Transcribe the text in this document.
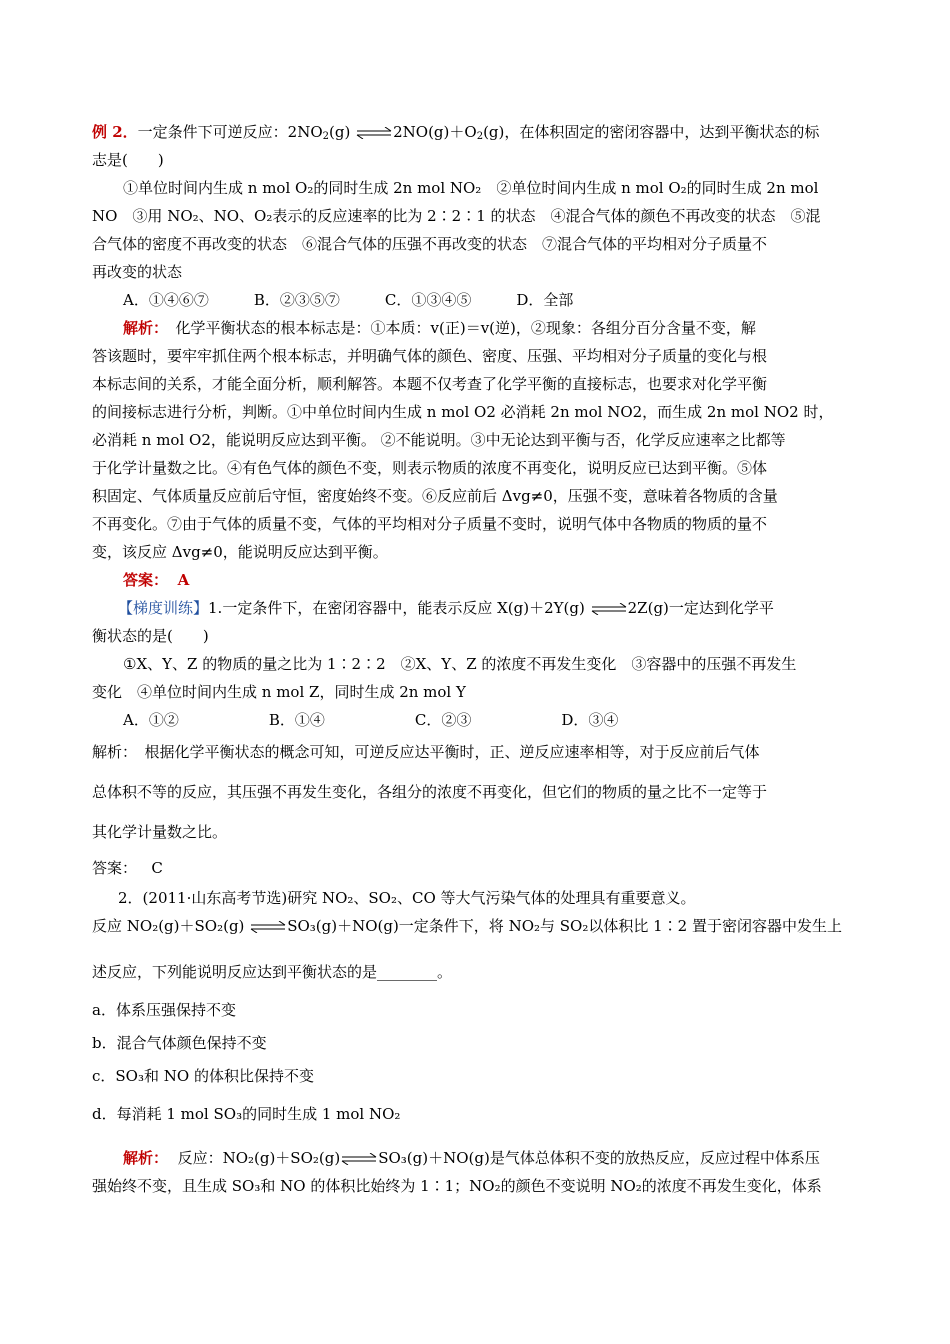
例 2．一定条件下可逆反应：$2NO_2(g)$ $\rightleftharpoons 2NO(g)+O_2(g)$，在体积固定的密闭容器中，达到平衡状态的标
志是(　　)
①单位时间内生成 n mol O₂的同时生成 2n mol NO₂　②单位时间内生成 n mol O₂的同时生成 2n mol
NO　③用 NO₂、NO、O₂表示的反应速率的比为 2∶2∶1 的状态　④混合气体的颜色不再改变的状态　⑤混
合气体的密度不再改变的状态　⑥混合气体的压强不再改变的状态　⑦混合气体的平均相对分子质量不
再改变的状态
A．①④⑥⑦　　　B．②③⑤⑦　　　C．①③④⑤　　　D．全部
解析：　化学平衡状态的根本标志是：①本质：v(正)＝v(逆)，②现象：各组分百分含量不变，解
答该题时，要牢牢抓住两个根本标志，并明确气体的颜色、密度、压强、平均相对分子质量的变化与根
本标志间的关系，才能全面分析，顺利解答。本题不仅考查了化学平衡的直接标志，也要求对化学平衡
的间接标志进行分析，判断。①中单位时间内生成 n mol O2 必消耗 2n mol NO2，而生成 2n mol NO2 时，
必消耗 n mol O2，能说明反应达到平衡。 ②不能说明。③中无论达到平衡与否，化学反应速率之比都等
于化学计量数之比。④有色气体的颜色不变，则表示物质的浓度不再变化，说明反应已达到平衡。⑤体
积固定、气体质量反应前后守恒，密度始终不变。⑥反应前后 Δvg≠0，压强不变，意味着各物质的含量
不再变化。⑦由于气体的质量不变，气体的平均相对分子质量不变时，说明气体中各物质的物质的量不
变，该反应 Δvg≠0，能说明反应达到平衡。
答案： A
【梯度训练】1.一定条件下，在密闭容器中，能表示反应 X(g)＋2Y(g) ⇌2Z(g)一定达到化学平
衡状态的是(　　)
①X、Y、Z 的物质的量之比为 1∶2∶2　②X、Y、Z 的浓度不再发生变化　③容器中的压强不再发生
变化　④单位时间内生成 n mol Z，同时生成 2n mol Y
A．①②　　　　　　B．①④　　　　　　C．②③　　　　　　D．③④
解析：　根据化学平衡状态的概念可知，可逆反应达平衡时，正、逆反应速率相等，对于反应前后气体
总体积不等的反应，其压强不再发生变化，各组分的浓度不再变化，但它们的物质的量之比不一定等于
其化学计量数之比。
答案： C
2．(2011·山东高考节选)研究 NO₂、SO₂、CO 等大气污染气体的处理具有重要意义。
反应 NO₂(g)＋SO₂(g) ⇌SO₃(g)＋NO(g)一定条件下，将 NO₂与 SO₂以体积比 1∶2 置于密闭容器中发生上
述反应，下列能说明反应达到平衡状态的是________。
a．体系压强保持不变
b．混合气体颜色保持不变
c．SO₃和 NO 的体积比保持不变
d．每消耗 1 mol SO₃的同时生成 1 mol NO₂
解析： 反应：NO₂(g)＋SO₂(g)⇌SO₃(g)＋NO(g)是气体总体积不变的放热反应，反应过程中体系压
强始终不变，且生成 SO₃和 NO 的体积比始终为 1∶1；NO₂的颜色不变说明 NO₂的浓度不再发生变化，体系
